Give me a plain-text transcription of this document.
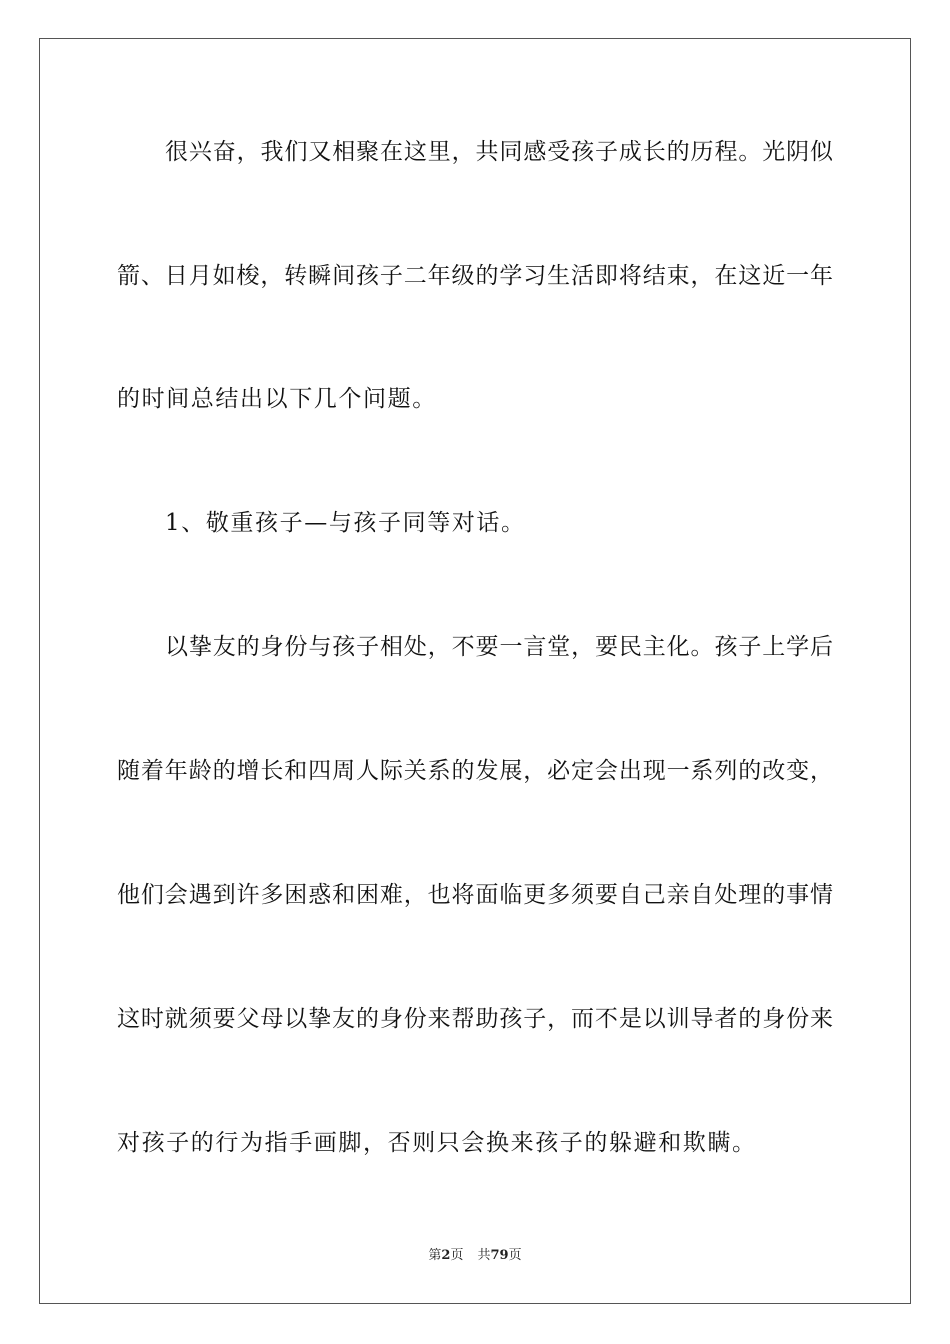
很兴奋，我们又相聚在这里，共同感受孩子成长的历程。光阴似
箭、日月如梭，转瞬间孩子二年级的学习生活即将结束，在这近一年
的时间总结出以下几个问题。
1、敬重孩子—与孩子同等对话。
以挚友的身份与孩子相处，不要一言堂，要民主化。孩子上学后
随着年龄的增长和四周人际关系的发展，必定会出现一系列的改变，
他们会遇到许多困惑和困难，也将面临更多须要自己亲自处理的事情
这时就须要父母以挚友的身份来帮助孩子，而不是以训导者的身份来
对孩子的行为指手画脚，否则只会换来孩子的躲避和欺瞒。
第2页 共79页
